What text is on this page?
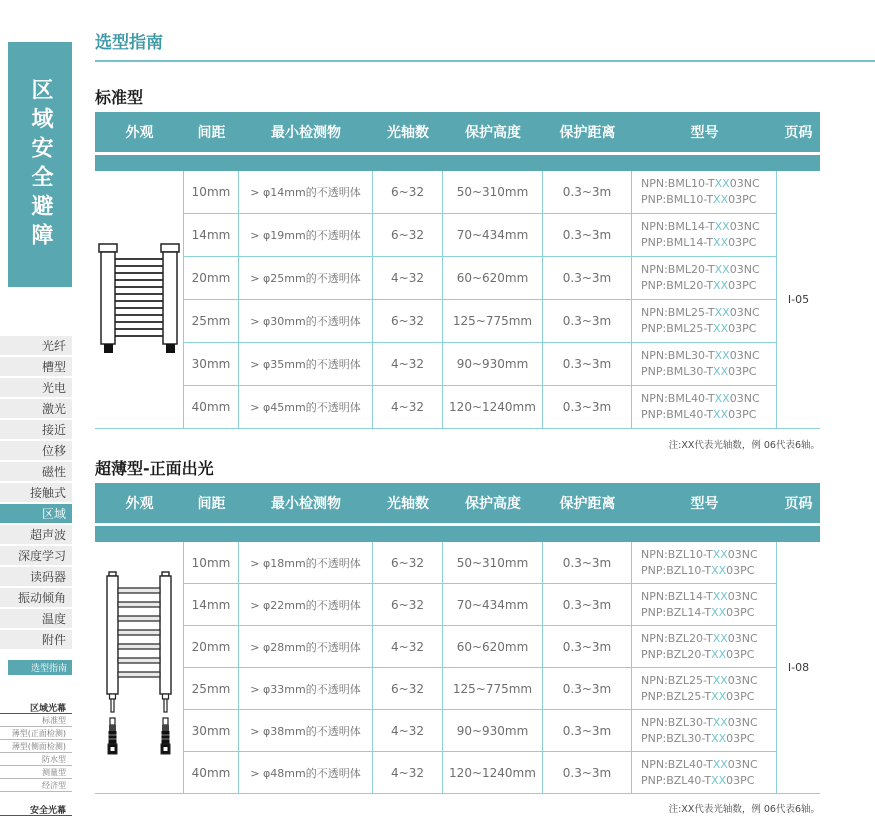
区域安全避障
光纤
槽型
光电
激光
接近
位移
磁性
接触式
区域
超声波
深度学习
读码器
振动倾角
温度
附件
选型指南
区域光幕
标准型
薄型(正面检测)
薄型(侧面检测)
防水型
测量型
经济型
安全光幕
选型指南
标准型
外观	间距	最小检测物	光轴数	保护高度	保护距离	型号	页码
I-05
10mm	> φ14mm的不透明体	6~32	50~310mm	0.3~3m
NPN:BML10-TXX03NC
PNP:BML10-TXX03PC
14mm	> φ19mm的不透明体	6~32	70~434mm	0.3~3m
NPN:BML14-TXX03NC
PNP:BML14-TXX03PC
20mm	> φ25mm的不透明体	4~32	60~620mm	0.3~3m
NPN:BML20-TXX03NC
PNP:BML20-TXX03PC
25mm	> φ30mm的不透明体	6~32	125~775mm	0.3~3m
NPN:BML25-TXX03NC
PNP:BML25-TXX03PC
30mm	> φ35mm的不透明体	4~32	90~930mm	0.3~3m
NPN:BML30-TXX03NC
PNP:BML30-TXX03PC
40mm	> φ45mm的不透明体	4~32	120~1240mm	0.3~3m
NPN:BML40-TXX03NC
PNP:BML40-TXX03PC
注:XX代表光轴数，例 06代表6轴。
超薄型-正面出光
外观	间距	最小检测物	光轴数	保护高度	保护距离	型号	页码
I-08
10mm	> φ18mm的不透明体	6~32	50~310mm	0.3~3m
NPN:BZL10-TXX03NC
PNP:BZL10-TXX03PC
14mm	> φ22mm的不透明体	6~32	70~434mm	0.3~3m
NPN:BZL14-TXX03NC
PNP:BZL14-TXX03PC
20mm	> φ28mm的不透明体	4~32	60~620mm	0.3~3m
NPN:BZL20-TXX03NC
PNP:BZL20-TXX03PC
25mm	> φ33mm的不透明体	6~32	125~775mm	0.3~3m
NPN:BZL25-TXX03NC
PNP:BZL25-TXX03PC
30mm	> φ38mm的不透明体	4~32	90~930mm	0.3~3m
NPN:BZL30-TXX03NC
PNP:BZL30-TXX03PC
40mm	> φ48mm的不透明体	4~32	120~1240mm	0.3~3m
NPN:BZL40-TXX03NC
PNP:BZL40-TXX03PC
注:XX代表光轴数，例 06代表6轴。
